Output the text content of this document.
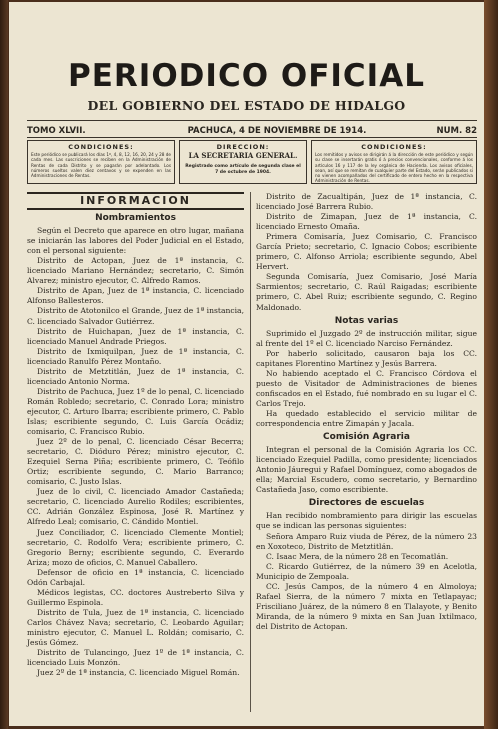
PERIODICO OFICIAL
DEL GOBIERNO DEL ESTADO DE HIDALGO
TOMO XLVII.	PACHUCA, 4 DE NOVIEMBRE DE 1914.	NUM. 82
CONDICIONES:

Este periódico se publicará los días 1º, 4, 8, 12, 16, 20, 24 y 28 de cada mes. Las suscriciones se reciben en la Administración de Rentas de cada Distrito y se pagarán por adelantado. Los números sueltos valen diez centavos y se expenden en las Administraciones de Rentas.

DIRECCION:
LA SECRETARIA GENERAL.

Registrado como artículo de segunda clase el 7 de octubre de 1904.

CONDICIONES:

Los remitidos y avisos se dirigirán á la dirección de este periódico y según su clase se insertarán gratis ó á precios convencionales, conforme á los artículos 16 y 117 de la ley orgánica de Hacienda. Los avisos oficiales, sean, así que se remitan de cualquier parte del Estado, serán publicados si no vienen acompañados del certificado de entero hecho en la respectiva Administración de Rentas.

INFORMACION
Nombramientos

Según el Decreto que aparece en otro lugar, mañana se iniciarán las labores del Poder Judicial en el Estado, con el personal siguiente:

Distrito de Actopan, Juez de 1ª instancia, C. licenciado Mariano Hernández; secretario, C. Simón Alvarez; ministro ejecutor, C. Alfredo Ramos.

Distrito de Apan, Juez de 1ª instancia, C. licenciado Alfonso Ballesteros.

Distrito de Atotonilco el Grande, Juez de 1ª instancia, C. licenciado Salvador Gutiérrez.

Distrito de Huichapan, Juez de 1ª instancia, C. licenciado Manuel Andrade Priegos.

Distrito de Ixmiquilpan, Juez de 1ª instancia, C. licenciado Ranulfo Pérez Montaño.

Distrito de Metztitlán, Juez de 1ª instancia, C. licenciado Antonio Norma.

Distrito de Pachuca, Juez 1º de lo penal, C. licenciado Román Robledo; secretario, C. Conrado Lora; ministro ejecutor, C. Arturo Ibarra; escribiente primero, C. Pablo Islas; escribiente segundo, C. Luis García Ocádiz; comisario, C. Francisco Rubio.

Juez 2º de lo penal, C. licenciado César Becerra; secretario, C. Dióduro Pérez; ministro ejecutor, C. Ezequiel Serna Piña; escribiente primero, C. Teófilo Ortiz; escribiente segundo, C. Mario Barranco; comisario, C. Justo Islas.

Juez de lo civil, C. licenciado Amador Castañeda; secretario, C. licenciado Aurelio Rodiles; escribientes, CC. Adrián González Espinosa, José R. Martínez y Alfredo Leal; comisario, C. Cándido Montiel.

Juez Conciliador, C. licenciado Clemente Montiel; secretario, C. Rodolfo Vera; escribiente primero, C. Gregorio Berny; escribiente segundo, C. Everardo Ariza; mozo de oficios, C. Manuel Caballero.

Defensor de oficio en 1ª instancia, C. licenciado Odón Carbajal.

Médicos legistas, CC. doctores Austreberto Silva y Guillermo Espinola.

Distrito de Tula, Juez de 1ª instancia, C. licenciado Carlos Chávez Nava; secretario, C. Leobardo Aguilar; ministro ejecutor, C. Manuel L. Roldán; comisario, C. Jesús Gómez.

Distrito de Tulancingo, Juez 1º de 1ª instancia, C. licenciado Luis Monzón.

Juez 2º de 1ª instancia, C. licenciado Miguel Román.

Distrito de Zacualtipán, Juez de 1ª instancia, C. licenciado José Barrera Rubio.

Distrito de Zimapan, Juez de 1ª instancia, C. licenciado Ernesto Omaña.

Primera Comisaría, Juez Comisario, C. Francisco García Prieto; secretario, C. Ignacio Cobos; escribiente primero, C. Alfonso Arriola; escribiente segundo, Abel Hervert.

Segunda Comisaría, Juez Comisario, José María Sarmientos; secretario, C. Raúl Raigadas; escribiente primero, C. Abel Ruiz; escribiente segundo, C. Regino Maldonado.

Notas varias

Suprimido el Juzgado 2º de instrucción militar, sigue al frente del 1º el C. licenciado Narciso Fernández.

Por haberlo solicitado, causaron baja los CC. capitanes Florentino Martínez y Jesús Barrera.

No habiendo aceptado el C. Francisco Córdova el puesto de Visitador de Administraciones de bienes confiscados en el Estado, fué nombrado en su lugar el C. Carlos Trejo.

Ha quedado establecido el servicio militar de correspondencia entre Zimapán y Jacala.

Comisión Agraria

Integran el personal de la Comisión Agraria los CC. licenciado Ezequiel Padilla, como presidente; licenciados Antonio Jáuregui y Rafael Domínguez, como abogados de ella; Marcial Escudero, como secretario, y Bernardino Castañeda Jaso, como escribiente.

Directores de escuelas

Han recibido nombramiento para dirigir las escuelas que se indican las personas siguientes:

Señora Amparo Ruiz viuda de Pérez, de la número 23 en Xoxoteco, Distrito de Metztitlán.

C. Isaac Mera, de la número 28 en Tecomatlán.

C. Ricardo Gutiérrez, de la número 39 en Acelotla, Municipio de Zempoala.

CC. Jesús Campos, de la número 4 en Almoloya; Rafael Sierra, de la número 7 mixta en Tetlapayac; Frisciliano Juárez, de la número 8 en Tlalayote, y Benito Miranda, de la número 9 mixta en San Juan Ixtilmaco, del Distrito de Actopan.
